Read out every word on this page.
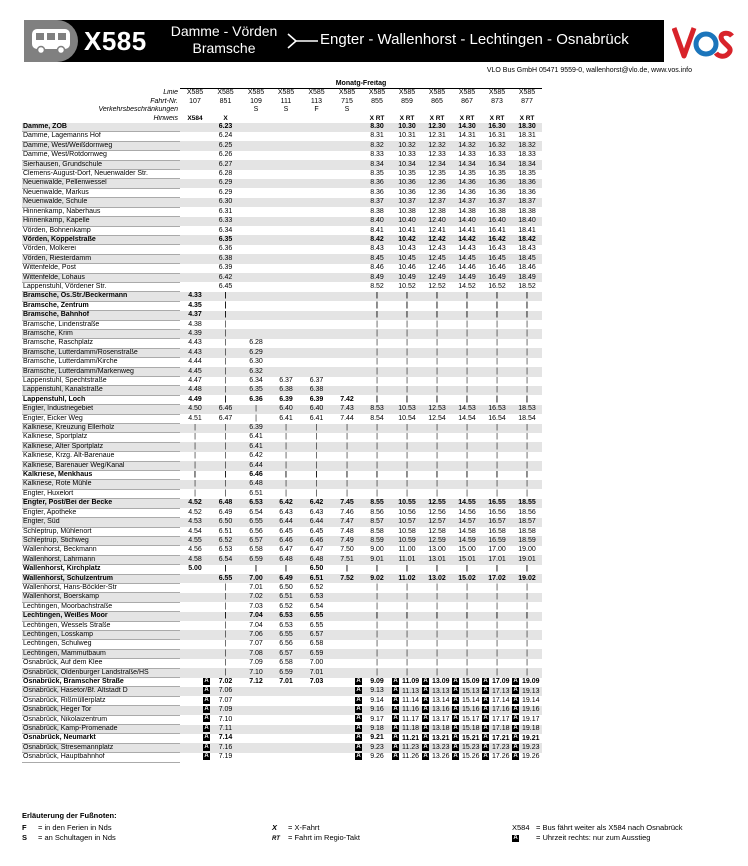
X585	Damme - Vörden
Bramsche	Engter - Wallenhorst - Lechtingen - Osnabrück
VLO Bus GmbH 05471 9559-0, wallenhorst@vlo.de, www.vos.info
	Monatg-Freitag											
Linie	X585	X585	X585	X585	X585	X585	X585	X585	X585	X585	X585	X585
Fahrt-Nr.	107	851	109	111	113	715	855	859	865	867	873	877
Verkehrsbeschränkungen			S	S	F	S						
Hinweis	X584	X					X RT	X RT	X RT	X RT	X RT	X RT
Damme, ZOB		6.23					8.30	10.30	12.30	14.30	16.30	18.30
Damme, Lagemanns Hof		6.24					8.31	10.31	12.31	14.31	16.31	18.31
Damme, West/Weißdornweg		6.25					8.32	10.32	12.32	14.32	16.32	18.32
Damme, West/Rotdornweg		6.26					8.33	10.33	12.33	14.33	16.33	18.33
Sierhausen, Grundschule		6.27					8.34	10.34	12.34	14.34	16.34	18.34
Clemens-August-Dorf, Neuenwalder Str.		6.28					8.35	10.35	12.35	14.35	16.35	18.35
Neuenwalde, Pellenwessel		6.29					8.36	10.36	12.36	14.36	16.36	18.36
Neuenwalde, Markus		6.29					8.36	10.36	12.36	14.36	16.36	18.36
Neuenwalde, Schule		6.30					8.37	10.37	12.37	14.37	16.37	18.37
Hinnenkamp, Naberhaus		6.31					8.38	10.38	12.38	14.38	16.38	18.38
Hinnenkamp, Kapelle		6.33					8.40	10.40	12.40	14.40	16.40	18.40
Vörden, Bohnenkamp		6.34					8.41	10.41	12.41	14.41	16.41	18.41
Vörden, Koppelstraße		6.35					8.42	10.42	12.42	14.42	16.42	18.42
Vörden, Molkerei		6.36					8.43	10.43	12.43	14.43	16.43	18.43
Vörden, Riesterdamm		6.38					8.45	10.45	12.45	14.45	16.45	18.45
Wittenfelde, Post		6.39					8.46	10.46	12.46	14.46	16.46	18.46
Wittenfelde, Lohaus		6.42					8.49	10.49	12.49	14.49	16.49	18.49
Lappenstuhl, Vördener Str.		6.45					8.52	10.52	12.52	14.52	16.52	18.52
Bramsche, Os.Str./Beckermann	4.33	|					|	|	|	|	|	|
Bramsche, Zentrum	4.35	|					|	|	|	|	|	|
Bramsche, Bahnhof	4.37	|					|	|	|	|	|	|
Bramsche, Lindenstraße	4.38	|					|	|	|	|	|	|
Bramsche, Krim	4.39	|					|	|	|	|	|	|
Bramsche, Raschplatz	4.43	|	6.28				|	|	|	|	|	|
Bramsche, Lutterdamm/Rosenstraße	4.43	|	6.29				|	|	|	|	|	|
Bramsche, Lutterdamm/Kirche	4.44	|	6.30				|	|	|	|	|	|
Bramsche, Lutterdamm/Markenweg	4.45	|	6.32				|	|	|	|	|	|
Lappenstuhl, Spechtstraße	4.47	|	6.34	6.37	6.37		|	|	|	|	|	|
Lappenstuhl, Kanalstraße	4.48	|	6.35	6.38	6.38		|	|	|	|	|	|
Lappenstuhl, Loch	4.49	|	6.36	6.39	6.39	7.42	|	|	|	|	|	|
Engter, Industriegebiet	4.50	6.46	|	6.40	6.40	7.43	8.53	10.53	12.53	14.53	16.53	18.53
Engter, Eicker Weg	4.51	6.47	|	6.41	6.41	7.44	8.54	10.54	12.54	14.54	16.54	18.54
Kalkriese, Kreuzung Ellerholz	|	|	6.39	|	|	|	|	|	|	|	|	|
Kalkriese, Sportplatz	|	|	6.41	|	|	|	|	|	|	|	|	|
Kalkriese, Alter Sportplatz	|	|	6.41	|	|	|	|	|	|	|	|	|
Kalkriese, Krzg. Alt-Barenaue	|	|	6.42	|	|	|	|	|	|	|	|	|
Kalkriese, Barenauer Weg/Kanal	|	|	6.44	|	|	|	|	|	|	|	|	|
Kalkriese, Menkhaus	|	|	6.46	|	|	|	|	|	|	|	|	|
Kalkriese, Rote Mühle	|	|	6.48	|	|	|	|	|	|	|	|	|
Engter, Huxelort	|	|	6.51	|	|	|	|	|	|	|	|	|
Engter, Post/Bei der Becke	4.52	6.48	6.53	6.42	6.42	7.45	8.55	10.55	12.55	14.55	16.55	18.55
Engter, Apotheke	4.52	6.49	6.54	6.43	6.43	7.46	8.56	10.56	12.56	14.56	16.56	18.56
Engter, Süd	4.53	6.50	6.55	6.44	6.44	7.47	8.57	10.57	12.57	14.57	16.57	18.57
Schleptrup, Mühlenort	4.54	6.51	6.56	6.45	6.45	7.48	8.58	10.58	12.58	14.58	16.58	18.58
Schleptrup, Stichweg	4.55	6.52	6.57	6.46	6.46	7.49	8.59	10.59	12.59	14.59	16.59	18.59
Wallenhorst, Beckmann	4.56	6.53	6.58	6.47	6.47	7.50	9.00	11.00	13.00	15.00	17.00	19.00
Wallenhorst, Lahrmann	4.58	6.54	6.59	6.48	6.48	7.51	9.01	11.01	13.01	15.01	17.01	19.01
Wallenhorst, Kirchplatz	5.00	|	|	|	6.50	|	|	|	|	|	|	|
Wallenhorst, Schulzentrum		6.55	7.00	6.49	6.51	7.52	9.02	11.02	13.02	15.02	17.02	19.02
Wallenhorst, Hans-Böckler-Str		|	7.01	6.50	6.52		|	|	|	|	|	|
Wallenhorst, Boerskamp		|	7.02	6.51	6.53		|	|	|	|	|	|
Lechtingen, Moorbachstraße		|	7.03	6.52	6.54		|	|	|	|	|	|
Lechtingen, Weißes Moor		|	7.04	6.53	6.55		|	|	|	|	|	|
Lechtingen, Wessels Straße		|	7.04	6.53	6.55		|	|	|	|	|	|
Lechtingen, Losskamp		|	7.06	6.55	6.57		|	|	|	|	|	|
Lechtingen, Schulweg		|	7.07	6.56	6.58		|	|	|	|	|	|
Lechtingen, Mammutbaum		|	7.08	6.57	6.59		|	|	|	|	|	|
Osnabrück, Auf dem Klee		|	7.09	6.58	7.00		|	|	|	|	|	|
Osnabrück, Oldenburger Landstraße/HS		|	7.10	6.59	7.01		|	|	|	|	|	|
Osnabrück, Bramscher Straße	A	7.02	7.12	7.01	7.03	A	9.09	A 11.09	A 13.09	A 15.09	A 17.09	A 19.09
Osnabrück, Hasetor/Bf. Altstadt D	A	7.06				A	9.13	A 11.13	A 13.13	A 15.13	A 17.13	A 19.13
Osnabrück, Rißmüllerplatz	A	7.07				A	9.14	A 11.14	A 13.14	A 15.14	A 17.14	A 19.14
Osnabrück, Heger Tor	A	7.09				A	9.16	A 11.16	A 13.16	A 15.16	A 17.16	A 19.16
Osnabrück, Nikolaizentrum	A	7.10				A	9.17	A 11.17	A 13.17	A 15.17	A 17.17	A 19.17
Osnabrück, Kamp-Promenade	A	7.11				A	9.18	A 11.18	A 13.18	A 15.18	A 17.18	A 19.18
Osnabrück, Neumarkt	A	7.14				A	9.21	A 11.21	A 13.21	A 15.21	A 17.21	A 19.21
Osnabrück, Stresemannplatz	A	7.16				A	9.23	A 11.23	A 13.23	A 15.23	A 17.23	A 19.23
Osnabrück, Hauptbahnhof	A	7.19				A	9.26	A 11.26	A 13.26	A 15.26	A 17.26	A 19.26
Erläuterung der Fußnoten:
F = in den Ferien in Nds
S = an Schultagen in Nds
X = X-Fahrt
RT = Fahrt im Regio-Takt
X584 = Bus fährt weiter als X584 nach Osnabrück
A = Uhrzeit rechts: nur zum Ausstieg
